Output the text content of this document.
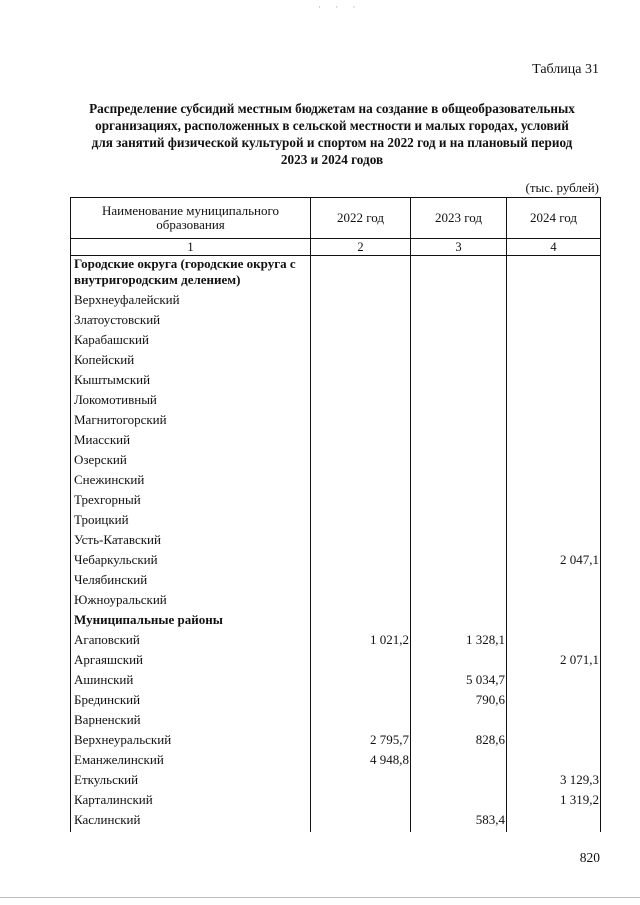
· · ·
Таблица 31
Распределение субсидий местным бюджетам на создание в общеобразовательных
организациях, расположенных в сельской местности и малых городах, условий
для занятий физической культурой и спортом на 2022 год и на плановый период
2023 и 2024 годов
(тыс. рублей)
Наименование муниципального образования	2022 год	2023 год	2024 год
1	2	3	4
Городские округа (городские округа с внутригородским делением)			
Верхнеуфалейский			
Златоустовский			
Карабашский			
Копейский			
Кыштымский			
Локомотивный			
Магнитогорский			
Миасский			
Озерский			
Снежинский			
Трехгорный			
Троицкий			
Усть-Катавский			
Чебаркульский			2 047,1
Челябинский			
Южноуральский			
Муниципальные районы			
Агаповский	1 021,2	1 328,1	
Аргаяшский			2 071,1
Ашинский		5 034,7	
Брединский		790,6	
Варненский			
Верхнеуральский	2 795,7	828,6	
Еманжелинский	4 948,8		
Еткульский			3 129,3
Карталинский			1 319,2
Каслинский		583,4	
820
